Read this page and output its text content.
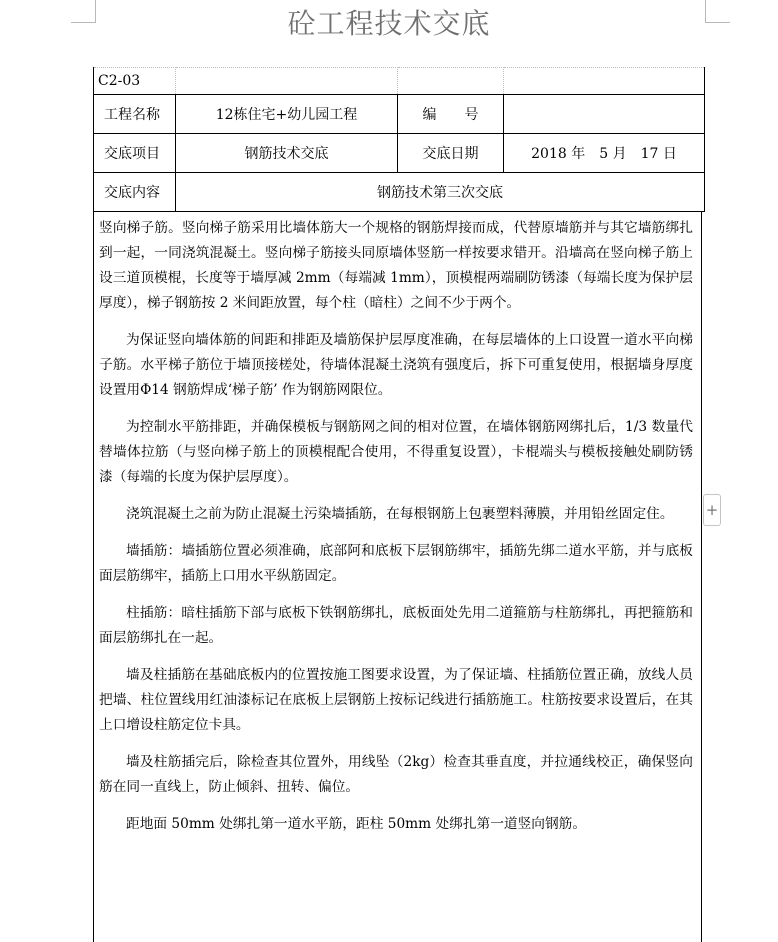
砼工程技术交底
C2-03			
工程名称	12栋住宅+幼儿园工程	编　　号	
交底项目	钢筋技术交底	交底日期	2018 年　5 月　17 日
交底内容	钢筋技术第三次交底		

竖向梯子筋。竖向梯子筋采用比墙体筋大一个规格的钢筋焊接而成，代替原墙筋并与其它墙筋绑扎到一起，一同浇筑混凝土。竖向梯子筋接头同原墙体竖筋一样按要求错开。沿墙高在竖向梯子筋上设三道顶模棍，长度等于墙厚减 2mm（每端减 1mm），顶模棍两端刷防锈漆（每端长度为保护层厚度），梯子钢筋按 2 米间距放置，每个柱（暗柱）之间不少于两个。

为保证竖向墙体筋的间距和排距及墙筋保护层厚度准确，在每层墙体的上口设置一道水平向梯子筋。水平梯子筋位于墙顶接槎处，待墙体混凝土浇筑有强度后，拆下可重复使用，根据墙身厚度设置用Φ14 钢筋焊成‘梯子筋’ 作为钢筋网限位。

为控制水平筋排距，并确保模板与钢筋网之间的相对位置，在墙体钢筋网绑扎后，1/3 数量代替墙体拉筋（与竖向梯子筋上的顶模棍配合使用，不得重复设置），卡棍端头与模板接触处刷防锈漆（每端的长度为保护层厚度）。

浇筑混凝土之前为防止混凝土污染墙插筋，在每根钢筋上包裹塑料薄膜，并用铅丝固定住。

墙插筋：墙插筋位置必须准确，底部阿和底板下层钢筋绑牢，插筋先绑二道水平筋，并与底板面层筋绑牢，插筋上口用水平纵筋固定。

柱插筋：暗柱插筋下部与底板下铁钢筋绑扎，底板面处先用二道箍筋与柱筋绑扎，再把箍筋和面层筋绑扎在一起。

墙及柱插筋在基础底板内的位置按施工图要求设置，为了保证墙、柱插筋位置正确，放线人员把墙、柱位置线用红油漆标记在底板上层钢筋上按标记线进行插筋施工。柱筋按要求设置后，在其上口增设柱筋定位卡具。

墙及柱筋插完后，除检查其位置外，用线坠（2kg）检查其垂直度，并拉通线校正，确保竖向筋在同一直线上，防止倾斜、扭转、偏位。

距地面 50mm 处绑扎第一道水平筋，距柱 50mm 处绑扎第一道竖向钢筋。

+
